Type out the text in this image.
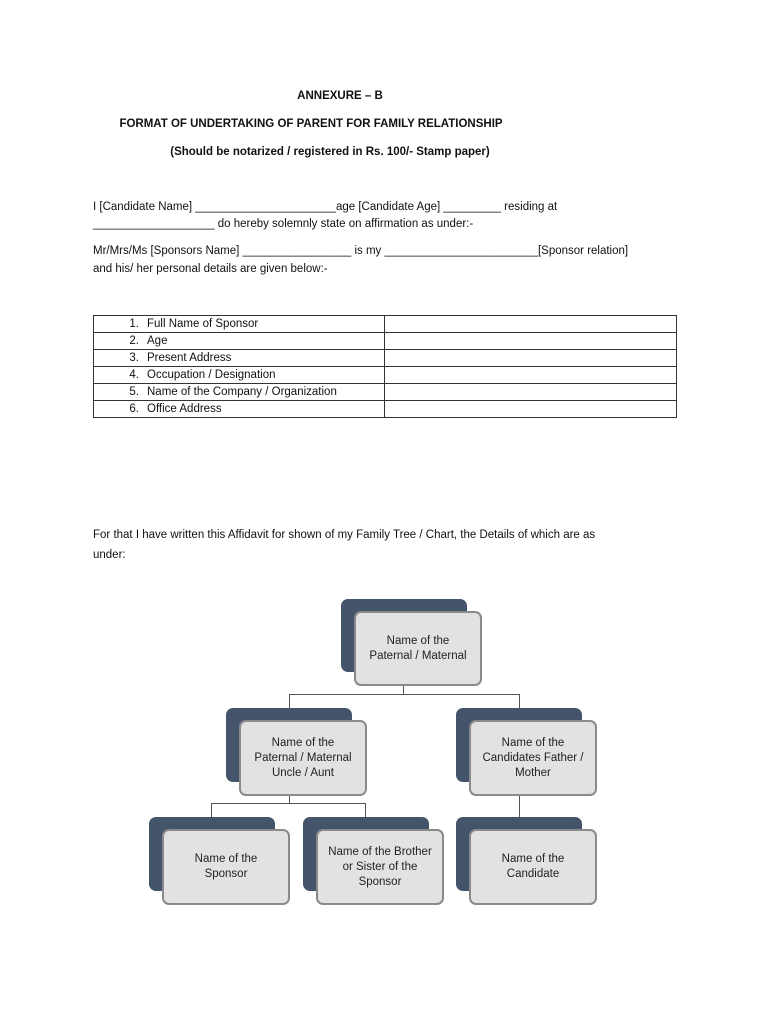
ANNEXURE – B
FORMAT OF UNDERTAKING OF PARENT FOR FAMILY RELATIONSHIP
(Should be notarized / registered in Rs. 100/- Stamp paper)
I [Candidate Name] ______________________age [Candidate Age] _________ residing at
___________________ do hereby solemnly state on affirmation as under:-
Mr/Mrs/Ms [Sponsors Name] _________________ is my ________________________[Sponsor relation]
and his/ her personal details are given below:-
1. Full Name of Sponsor	
2. Age	
3. Present Address	
4. Occupation / Designation	
5. Name of the Company / Organization	
6. Office Address	
For that I have written this Affidavit for shown of my Family Tree / Chart, the Details of which are as
under:
Name of the Paternal / Maternal
Name of the Paternal / Maternal Uncle / Aunt
Name of the Candidates Father / Mother
Name of the Sponsor
Name of the Brother or Sister of the Sponsor
Name of the Candidate
